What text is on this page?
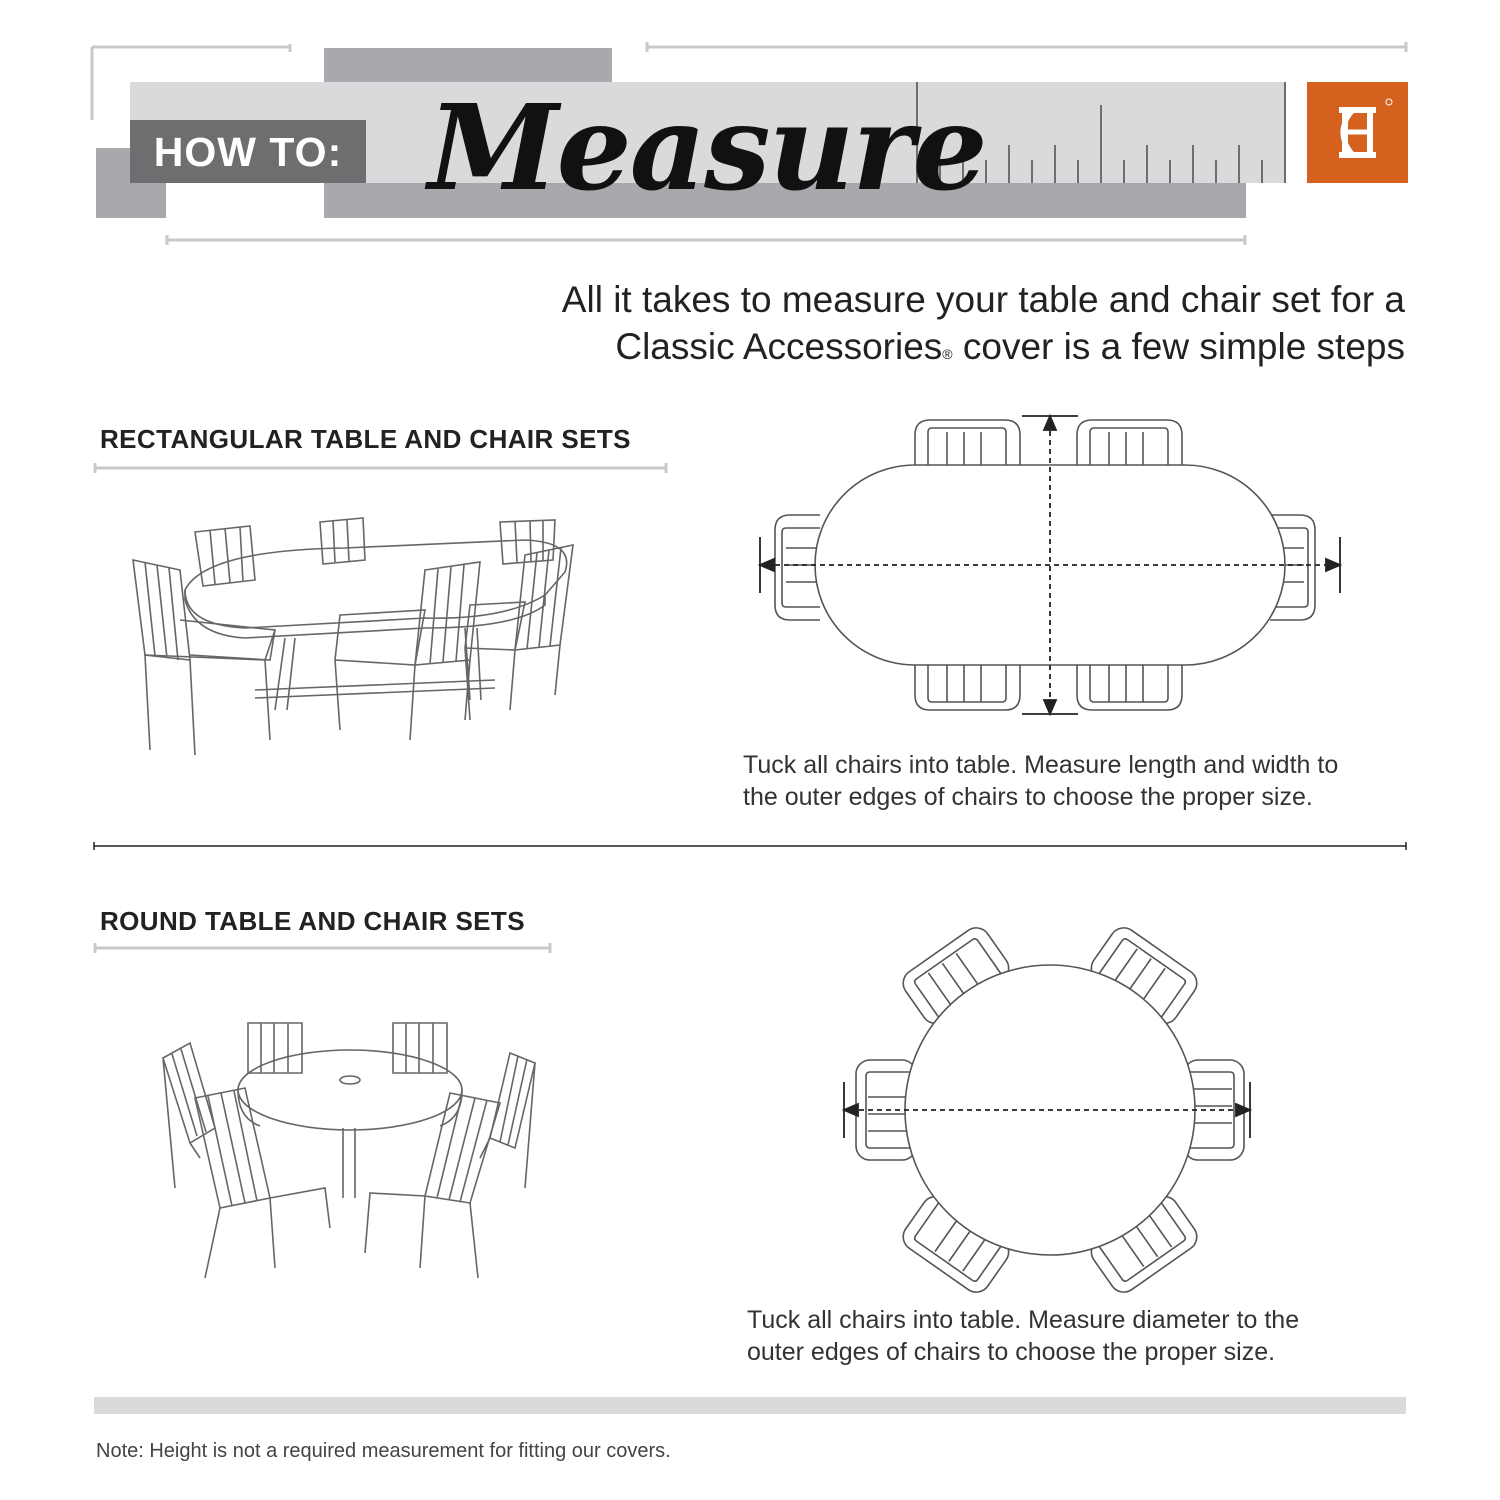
HOW TO: Measure
All it takes to measure your table and chair set for a
Classic Accessories® cover is a few simple steps
RECTANGULAR TABLE AND CHAIR SETS
Tuck all chairs into table. Measure length and width to
the outer edges of chairs to choose the proper size.
ROUND TABLE AND CHAIR SETS
Tuck all chairs into table. Measure diameter to the
outer edges of chairs to choose the proper size.
Note: Height is not a required measurement for fitting our covers.
